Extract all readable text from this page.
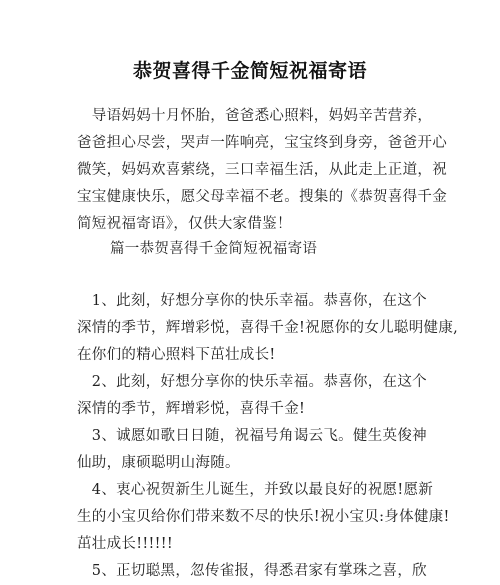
恭贺喜得千金简短祝福寄语
　导语妈妈十月怀胎，爸爸悉心照料，妈妈辛苦营养，
爸爸担心尽尝，哭声一阵响亮，宝宝终到身旁，爸爸开心
微笑，妈妈欢喜萦绕，三口幸福生活，从此走上正道，祝
宝宝健康快乐，愿父母幸福不老。搜集的《恭贺喜得千金
简短祝福寄语》，仅供大家借鉴！
篇一恭贺喜得千金简短祝福寄语
　1、此刻，好想分享你的快乐幸福。恭喜你，在这个
深情的季节，辉增彩悦，喜得千金!祝愿你的女儿聪明健康,
在你们的精心照料下茁壮成长!
　2、此刻，好想分享你的快乐幸福。恭喜你，在这个
深情的季节，辉增彩悦，喜得千金!
　3、诚愿如歌日日随，祝福号角谒云飞。健生英俊神
仙助，康硕聪明山海随。
　4、衷心祝贺新生儿诞生，并致以最良好的祝愿!愿新
生的小宝贝给你们带来数不尽的快乐!祝小宝贝:身体健康!
茁壮成长!!!!!!
　5、正切聪黑，忽传雀报，得悉君家有掌珠之喜，欣
